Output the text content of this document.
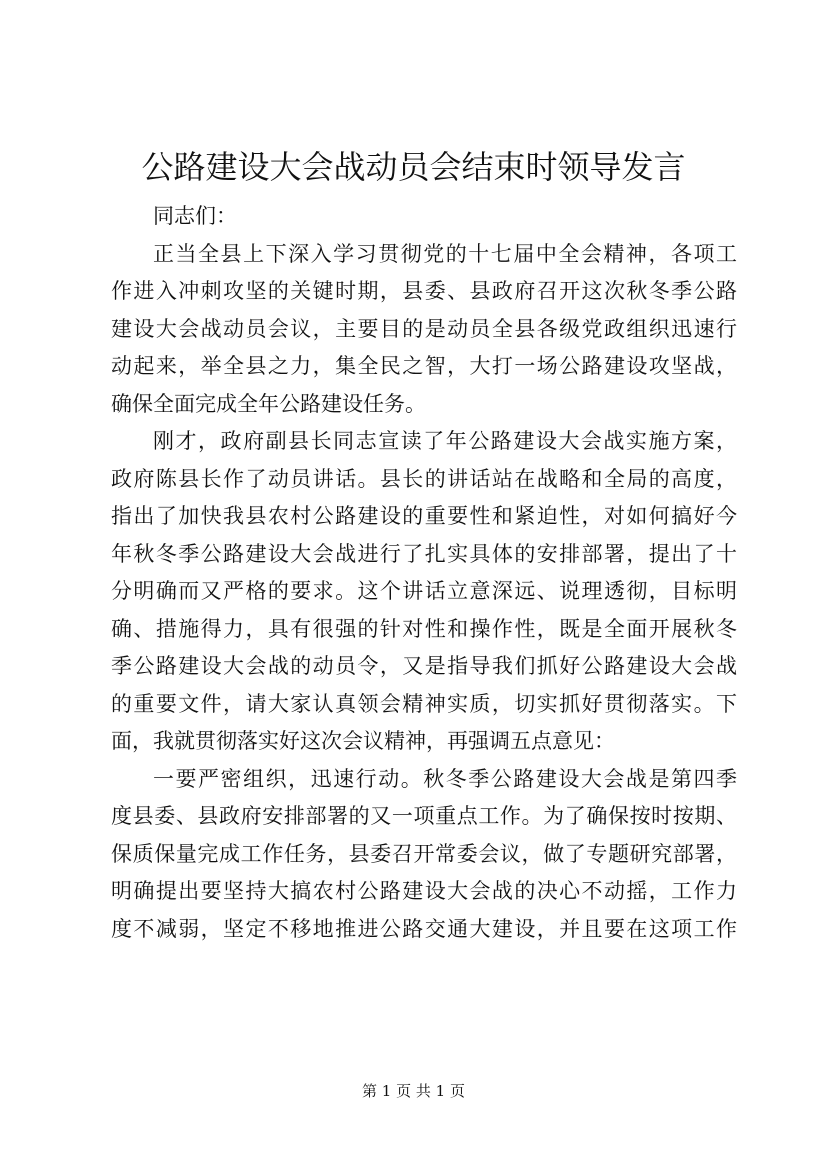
公路建设大会战动员会结束时领导发言
同志们：
正当全县上下深入学习贯彻党的十七届中全会精神，各项工
作进入冲刺攻坚的关键时期，县委、县政府召开这次秋冬季公路
建设大会战动员会议，主要目的是动员全县各级党政组织迅速行
动起来，举全县之力，集全民之智，大打一场公路建设攻坚战，
确保全面完成全年公路建设任务。
刚才，政府副县长同志宣读了年公路建设大会战实施方案，
政府陈县长作了动员讲话。县长的讲话站在战略和全局的高度，
指出了加快我县农村公路建设的重要性和紧迫性，对如何搞好今
年秋冬季公路建设大会战进行了扎实具体的安排部署，提出了十
分明确而又严格的要求。这个讲话立意深远、说理透彻，目标明
确、措施得力，具有很强的针对性和操作性，既是全面开展秋冬
季公路建设大会战的动员令，又是指导我们抓好公路建设大会战
的重要文件，请大家认真领会精神实质，切实抓好贯彻落实。下
面，我就贯彻落实好这次会议精神，再强调五点意见：
一要严密组织，迅速行动。秋冬季公路建设大会战是第四季
度县委、县政府安排部署的又一项重点工作。为了确保按时按期、
保质保量完成工作任务，县委召开常委会议，做了专题研究部署，
明确提出要坚持大搞农村公路建设大会战的决心不动摇，工作力
度不减弱，坚定不移地推进公路交通大建设，并且要在这项工作
第 1 页 共 1 页
